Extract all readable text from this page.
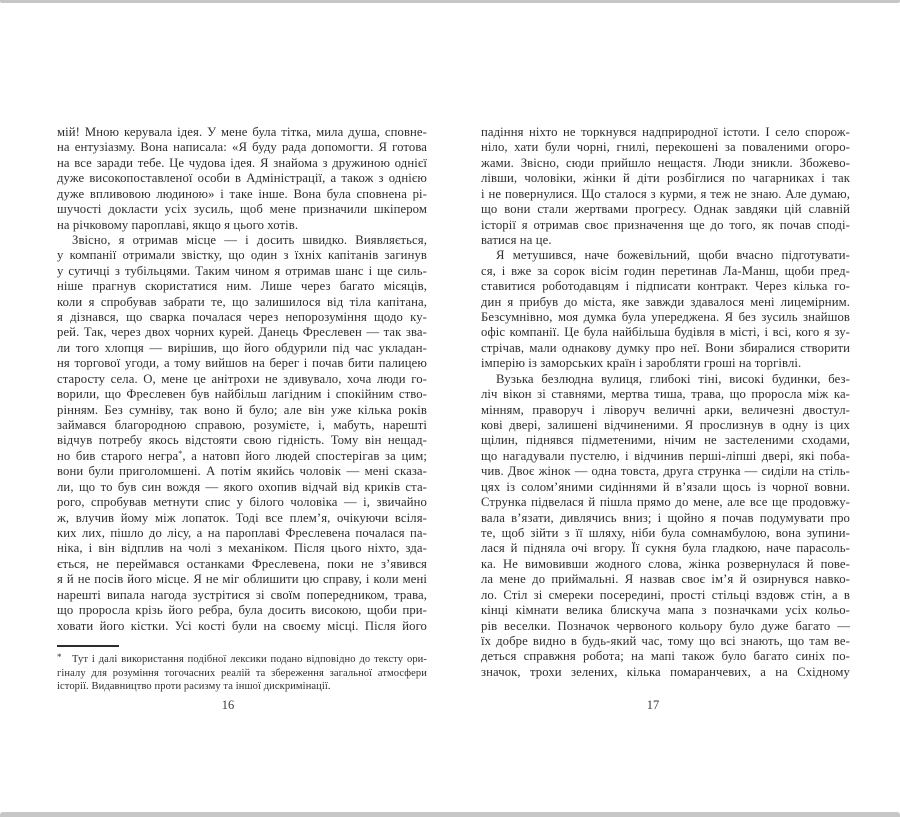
мій! Мною керувала ідея. У мене була тітка, мила душа, сповне-
на ентузіазму. Вона написала: «Я буду рада допомогти. Я готова
на все заради тебе. Це чудова ідея. Я знайома з дружиною однієї
дуже високопоставленої особи в Адміністрації, а також з однією
дуже впливовою людиною» і таке інше. Вона була сповнена рі-
шучості докласти усіх зусиль, щоб мене призначили шкіпером
на річковому пароплаві, якщо я цього хотів.
Звісно, я отримав місце — і досить швидко. Виявляється,
у компанії отримали звістку, що один з їхніх капітанів загинув
у сутичці з тубільцями. Таким чином я отримав шанс і ще силь-
ніше прагнув скористатися ним. Лише через багато місяців,
коли я спробував забрати те, що залишилося від тіла капітана,
я дізнався, що сварка почалася через непорозуміння щодо ку-
рей. Так, через двох чорних курей. Данець Фреслевен — так зва-
ли того хлопця — вирішив, що його обдурили під час укладан-
ня торгової угоди, а тому вийшов на берег і почав бити палицею
старосту села. О, мене це анітрохи не здивувало, хоча люди го-
ворили, що Фреслевен був найбільш лагідним і спокійним ство-
рінням. Без сумніву, так воно й було; але він уже кілька років
займався благородною справою, розумієте, і, мабуть, нарешті
відчув потребу якось відстояти свою гідність. Тому він нещад-
но бив старого негра*, а натовп його людей спостерігав за цим;
вони були приголомшені. А потім якийсь чоловік — мені сказа-
ли, що то був син вождя — якого охопив відчай від криків ста-
рого, спробував метнути спис у білого чоловіка — і, звичайно
ж, влучив йому між лопаток. Тоді все плем’я, очікуючи всіля-
ких лих, пішло до лісу, а на пароплаві Фреслевена почалася па-
ніка, і він відплив на чолі з механіком. Після цього ніхто, зда-
ється, не переймався останками Фреслевена, поки не з’явився
я й не посів його місце. Я не міг облишити цю справу, і коли мені
нарешті випала нагода зустрітися зі своїм попередником, трава,
що проросла крізь його ребра, була досить високою, щоби при-
ховати його кістки. Усі кості були на своєму місці. Після його
* Тут і далі використання подібної лексики подано відповідно до тексту ори-
гіналу для розуміння тогочасних реалій та збереження загальної атмосфери
історії. Видавництво проти расизму та іншої дискримінації.
16
падіння ніхто не торкнувся надприродної істоти. І село спорож-
ніло, хати були чорні, гнилі, перекошені за поваленими огоро-
жами. Звісно, сюди прийшло нещастя. Люди зникли. Збожево-
лівши, чоловіки, жінки й діти розбіглися по чагарниках і так
і не повернулися. Що сталося з курми, я теж не знаю. Але думаю,
що вони стали жертвами прогресу. Однак завдяки цій славній
історії я отримав своє призначення ще до того, як почав споді-
ватися на це.
Я метушився, наче божевільний, щоби вчасно підготувати-
ся, і вже за сорок вісім годин перетинав Ла-Манш, щоби пред-
ставитися роботодавцям і підписати контракт. Через кілька го-
дин я прибув до міста, яке завжди здавалося мені лицемірним.
Безсумнівно, моя думка була упереджена. Я без зусиль знайшов
офіс компанії. Це була найбільша будівля в місті, і всі, кого я зу-
стрічав, мали однакову думку про неї. Вони збиралися створити
імперію із заморських країн і заробляти гроші на торгівлі.
Вузька безлюдна вулиця, глибокі тіні, високі будинки, без-
ліч вікон зі ставнями, мертва тиша, трава, що проросла між ка-
мінням, праворуч і ліворуч величні арки, величезні двостул-
кові двері, залишені відчиненими. Я прослизнув в одну із цих
щілин, піднявся підметеними, нічим не застеленими сходами,
що нагадували пустелю, і відчинив перші-ліпші двері, які поба-
чив. Двоє жінок — одна товста, друга струнка — сиділи на стіль-
цях із солом’яними сидіннями й в’язали щось із чорної вовни.
Струнка підвелася й пішла прямо до мене, але все ще продовжу-
вала в’язати, дивлячись вниз; і щойно я почав подумувати про
те, щоб зійти з її шляху, ніби була сомнамбулою, вона зупини-
лася й підняла очі вгору. Її сукня була гладкою, наче парасоль-
ка. Не вимовивши жодного слова, жінка розвернулася й пове-
ла мене до приймальні. Я назвав своє ім’я й озирнувся навко-
ло. Стіл зі смереки посередині, прості стільці вздовж стін, а в
кінці кімнати велика блискуча мапа з позначками усіх кольо-
рів веселки. Позначок червоного кольору було дуже багато —
їх добре видно в будь-який час, тому що всі знають, що там ве-
деться справжня робота; на мапі також було багато синіх по-
значок, трохи зелених, кілька помаранчевих, а на Східному
17
